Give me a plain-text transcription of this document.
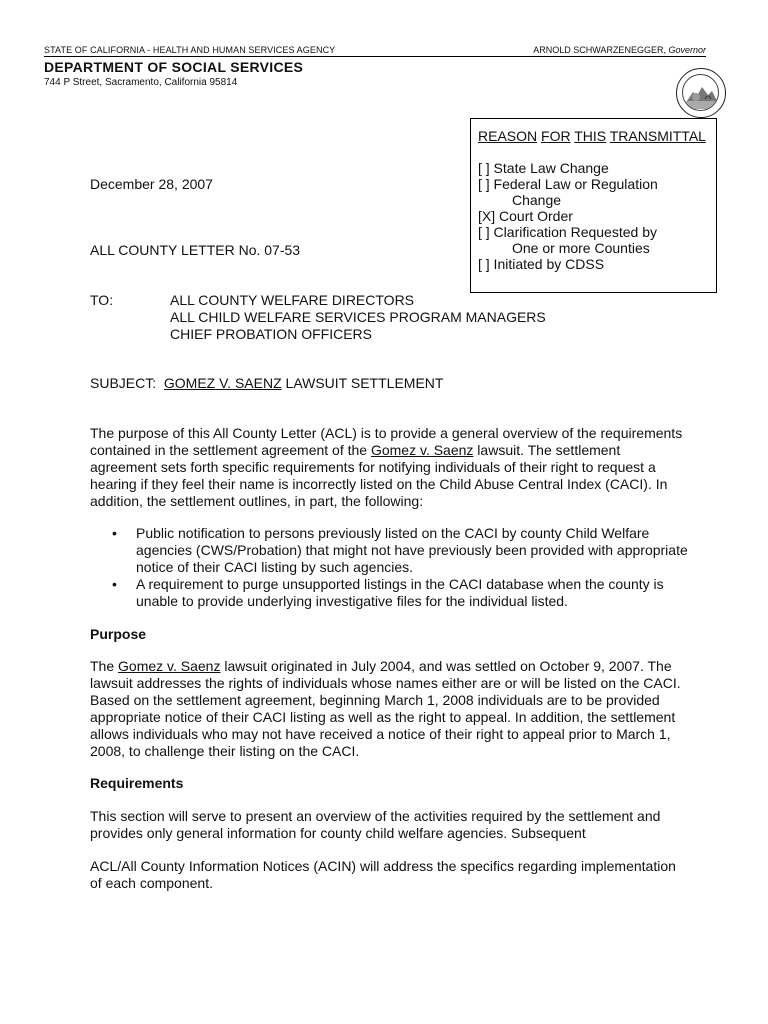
STATE OF CALIFORNIA - HEALTH AND HUMAN SERVICES AGENCY	ARNOLD SCHWARZENEGGER, Governor
DEPARTMENT OF SOCIAL SERVICES
744 P Street, Sacramento, California 95814
REASON FOR THIS TRANSMITTAL
[ ] State Law Change
[ ] Federal Law or Regulation
Change
[X] Court Order
[ ] Clarification Requested by
One or more Counties
[ ] Initiated by CDSS
December 28, 2007
ALL COUNTY LETTER No. 07-53
TO:	ALL COUNTY WELFARE DIRECTORS
ALL CHILD WELFARE SERVICES PROGRAM MANAGERS
CHIEF PROBATION OFFICERS
SUBJECT: GOMEZ V. SAENZ LAWSUIT SETTLEMENT
The purpose of this All County Letter (ACL) is to provide a general overview of the requirements contained in the settlement agreement of the Gomez v. Saenz lawsuit. The settlement agreement sets forth specific requirements for notifying individuals of their right to request a hearing if they feel their name is incorrectly listed on the Child Abuse Central Index (CACI). In addition, the settlement outlines, in part, the following:
• Public notification to persons previously listed on the CACI by county Child Welfare agencies (CWS/Probation) that might not have previously been provided with appropriate notice of their CACI listing by such agencies.
• A requirement to purge unsupported listings in the CACI database when the county is unable to provide underlying investigative files for the individual listed.
Purpose
The Gomez v. Saenz lawsuit originated in July 2004, and was settled on October 9, 2007. The lawsuit addresses the rights of individuals whose names either are or will be listed on the CACI. Based on the settlement agreement, beginning March 1, 2008 individuals are to be provided appropriate notice of their CACI listing as well as the right to appeal. In addition, the settlement allows individuals who may not have received a notice of their right to appeal prior to March 1, 2008, to challenge their listing on the CACI.
Requirements
This section will serve to present an overview of the activities required by the settlement and provides only general information for county child welfare agencies. Subsequent
ACL/All County Information Notices (ACIN) will address the specifics regarding implementation of each component.
